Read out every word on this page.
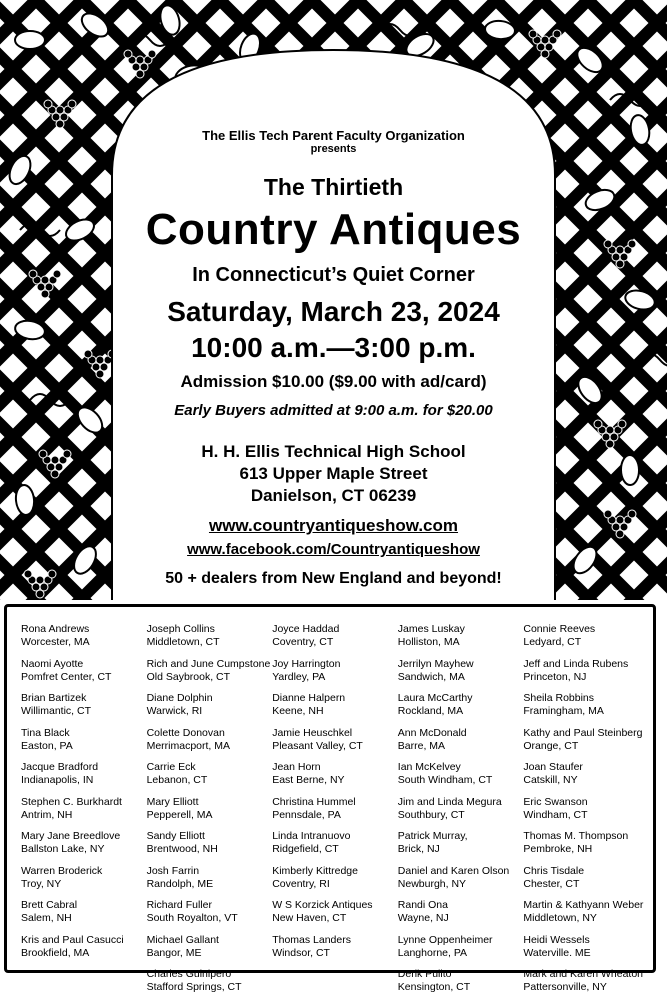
The Ellis Tech Parent Faculty Organization
presents
The Thirtieth
Country Antiques
In Connecticut’s Quiet Corner
Saturday, March 23, 2024
10:00 a.m.—3:00 p.m.
Admission $10.00 ($9.00 with ad/card)
Early Buyers admitted at 9:00 a.m. for $20.00
H. H. Ellis Technical High School
613 Upper Maple Street
Danielson, CT 06239
www.countryantiqueshow.com
www.facebook.com/Countryantiqueshow
50 + dealers from New England and beyond!
Rona Andrews
Worcester, MA
Naomi Ayotte
Pomfret Center, CT
Brian Bartizek
Willimantic, CT
Tina Black
Easton, PA
Jacque Bradford
Indianapolis, IN
Stephen C. Burkhardt
Antrim, NH
Mary Jane Breedlove
Ballston Lake, NY
Warren Broderick
Troy, NY
Brett Cabral
Salem, NH
Kris and Paul Casucci
Brookfield, MA
Joseph Collins
Middletown, CT
Rich and June Cumpstone
Old Saybrook, CT
Diane Dolphin
Warwick, RI
Colette Donovan
Merrimacport, MA
Carrie Eck
Lebanon, CT
Mary Elliott
Pepperell, MA
Sandy Elliott
Brentwood, NH
Josh Farrin
Randolph, ME
Richard Fuller
South Royalton, VT
Michael Gallant
Bangor, ME
Charles Guinipero
Stafford Springs, CT
Joyce Haddad
Coventry, CT
Joy Harrington
Yardley, PA
Dianne Halpern
Keene, NH
Jamie Heuschkel
Pleasant Valley, CT
Jean Horn
East Berne, NY
Christina Hummel
Pennsdale, PA
Linda Intranuovo
Ridgefield, CT
Kimberly Kittredge
Coventry, RI
W S Korzick Antiques
New Haven, CT
Thomas Landers
Windsor, CT
James Luskay
Holliston, MA
Jerrilyn Mayhew
Sandwich, MA
Laura McCarthy
Rockland, MA
Ann McDonald
Barre, MA
Ian McKelvey
South Windham, CT
Jim and Linda Megura
Southbury, CT
Patrick Murray,
Brick, NJ
Daniel and Karen Olson
Newburgh, NY
Randi Ona
Wayne, NJ
Lynne Oppenheimer
Langhorne, PA
Derik Pulito
Kensington, CT
Connie Reeves
Ledyard, CT
Jeff and Linda Rubens
Princeton, NJ
Sheila Robbins
Framingham, MA
Kathy and Paul Steinberg
Orange, CT
Joan Staufer
Catskill, NY
Eric Swanson
Windham, CT
Thomas M. Thompson
Pembroke, NH
Chris Tisdale
Chester, CT
Martin & Kathyann Weber
Middletown, NY
Heidi Wessels
Waterville. ME
Mark and Karen Wheaton
Pattersonville, NY
